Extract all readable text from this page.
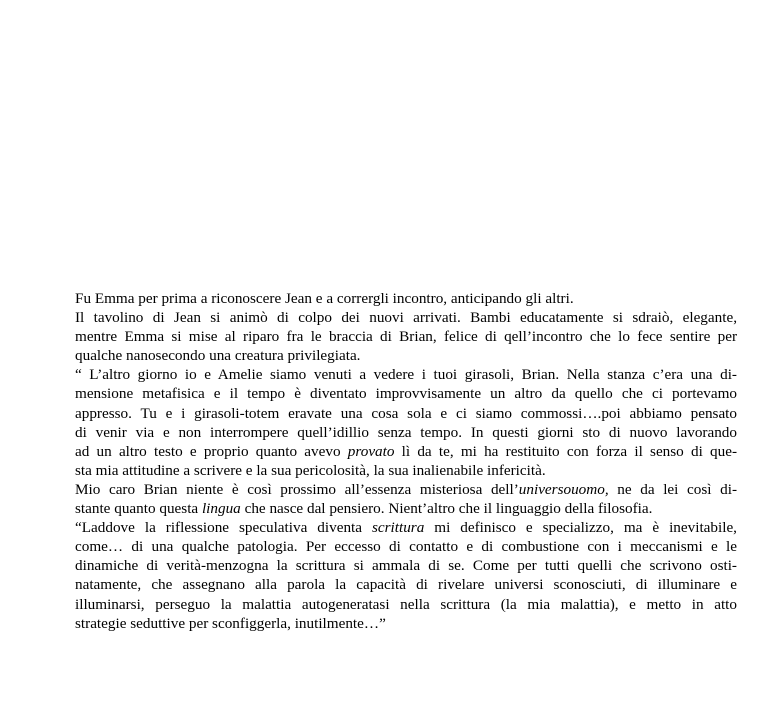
Fu Emma per prima a riconoscere Jean e a corrergli incontro, anticipando gli altri.
Il tavolino di Jean si animò di colpo dei nuovi arrivati. Bambi educatamente si sdraiò, elegante,
mentre Emma si mise al riparo fra le braccia di Brian, felice di qell’incontro che lo fece sentire per
qualche nanosecondo una creatura privilegiata.
“ L’altro giorno io e Amelie siamo venuti a vedere i tuoi girasoli, Brian. Nella stanza c’era una di-
mensione metafisica e il tempo è diventato improvvisamente un altro da quello che ci portevamo
appresso. Tu e i girasoli-totem eravate una cosa sola e ci siamo commossi….poi abbiamo pensato
di venir via e non interrompere quell’idillio senza tempo. In questi giorni sto di nuovo lavorando
ad un altro testo e proprio quanto avevo provato lì da te, mi ha restituito con forza il senso di que-
sta mia attitudine a scrivere e la sua pericolosità, la sua inalienabile infericità.
Mio caro Brian niente è così prossimo all’essenza misteriosa dell’universouomo, ne da lei così di-
stante quanto questa lingua che nasce dal pensiero. Nient’altro che il linguaggio della filosofia.
“Laddove la riflessione speculativa diventa scrittura mi definisco e specializzo, ma è inevitabile,
come… di una qualche patologia. Per eccesso di contatto e di combustione con i meccanismi e le
dinamiche di verità-menzogna la scrittura si ammala di se. Come per tutti quelli che scrivono osti-
natamente, che assegnano alla parola la capacità di rivelare universi sconosciuti, di illuminare e
illuminarsi, perseguo la malattia autogeneratasi nella scrittura (la mia malattia), e metto in atto
strategie seduttive per sconfiggerla, inutilmente…”
